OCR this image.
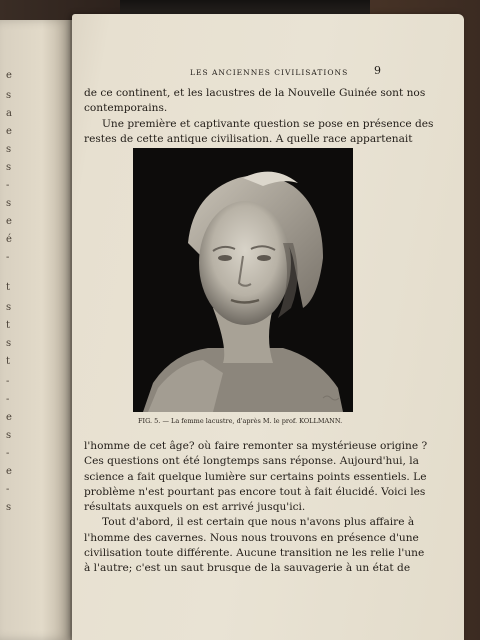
e
s
a
e
s
s
-
s
e
é
-
t
s
t
s
t
-
-
e
s
-
e
-
s
LES ANCIENNES CIVILISATIONS 9
de ce continent, et les lacustres de la Nouvelle Guinée sont nos
contemporains.
Une première et captivante question se pose en présence des
restes de cette antique civilisation. A quelle race appartenait
FIG. 5. — La femme lacustre, d'après M. le prof. KOLLMANN.
l'homme de cet âge? où faire remonter sa mystérieuse origine ?
Ces questions ont été longtemps sans réponse. Aujourd'hui, la
science a fait quelque lumière sur certains points essentiels. Le
problème n'est pourtant pas encore tout à fait élucidé. Voici les
résultats auxquels on est arrivé jusqu'ici.
Tout d'abord, il est certain que nous n'avons plus affaire à
l'homme des cavernes. Nous nous trouvons en présence d'une
civilisation toute différente. Aucune transition ne les relie l'une
à l'autre; c'est un saut brusque de la sauvagerie à un état de
